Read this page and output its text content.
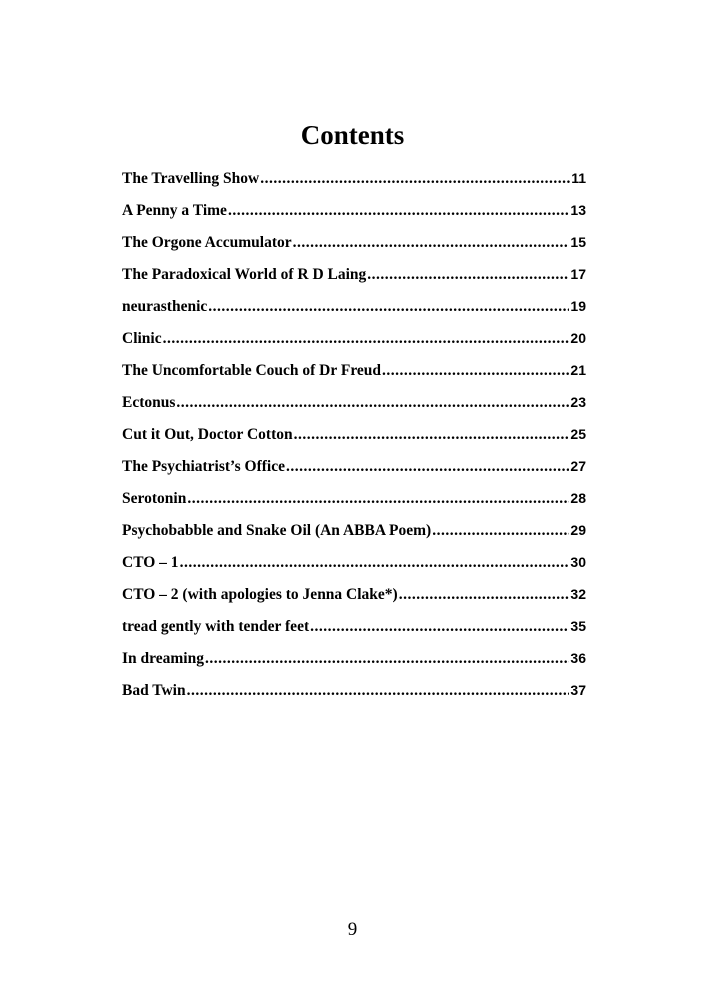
Contents
The Travelling Show .....	11
A Penny a Time .....	13
The Orgone Accumulator .....	15
The Paradoxical World of R D Laing .....	17
neurasthenic .....	19
Clinic .....	20
The Uncomfortable Couch of Dr Freud .....	21
Ectonus .....	23
Cut it Out, Doctor Cotton .....	25
The Psychiatrist’s Office .....	27
Serotonin .....	28
Psychobabble and Snake Oil (An ABBA Poem) .....	29
CTO – 1 .....	30
CTO – 2 (with apologies to Jenna Clake*) .....	32
tread gently with tender feet .....	35
In dreaming .....	36
Bad Twin .....	37
9
